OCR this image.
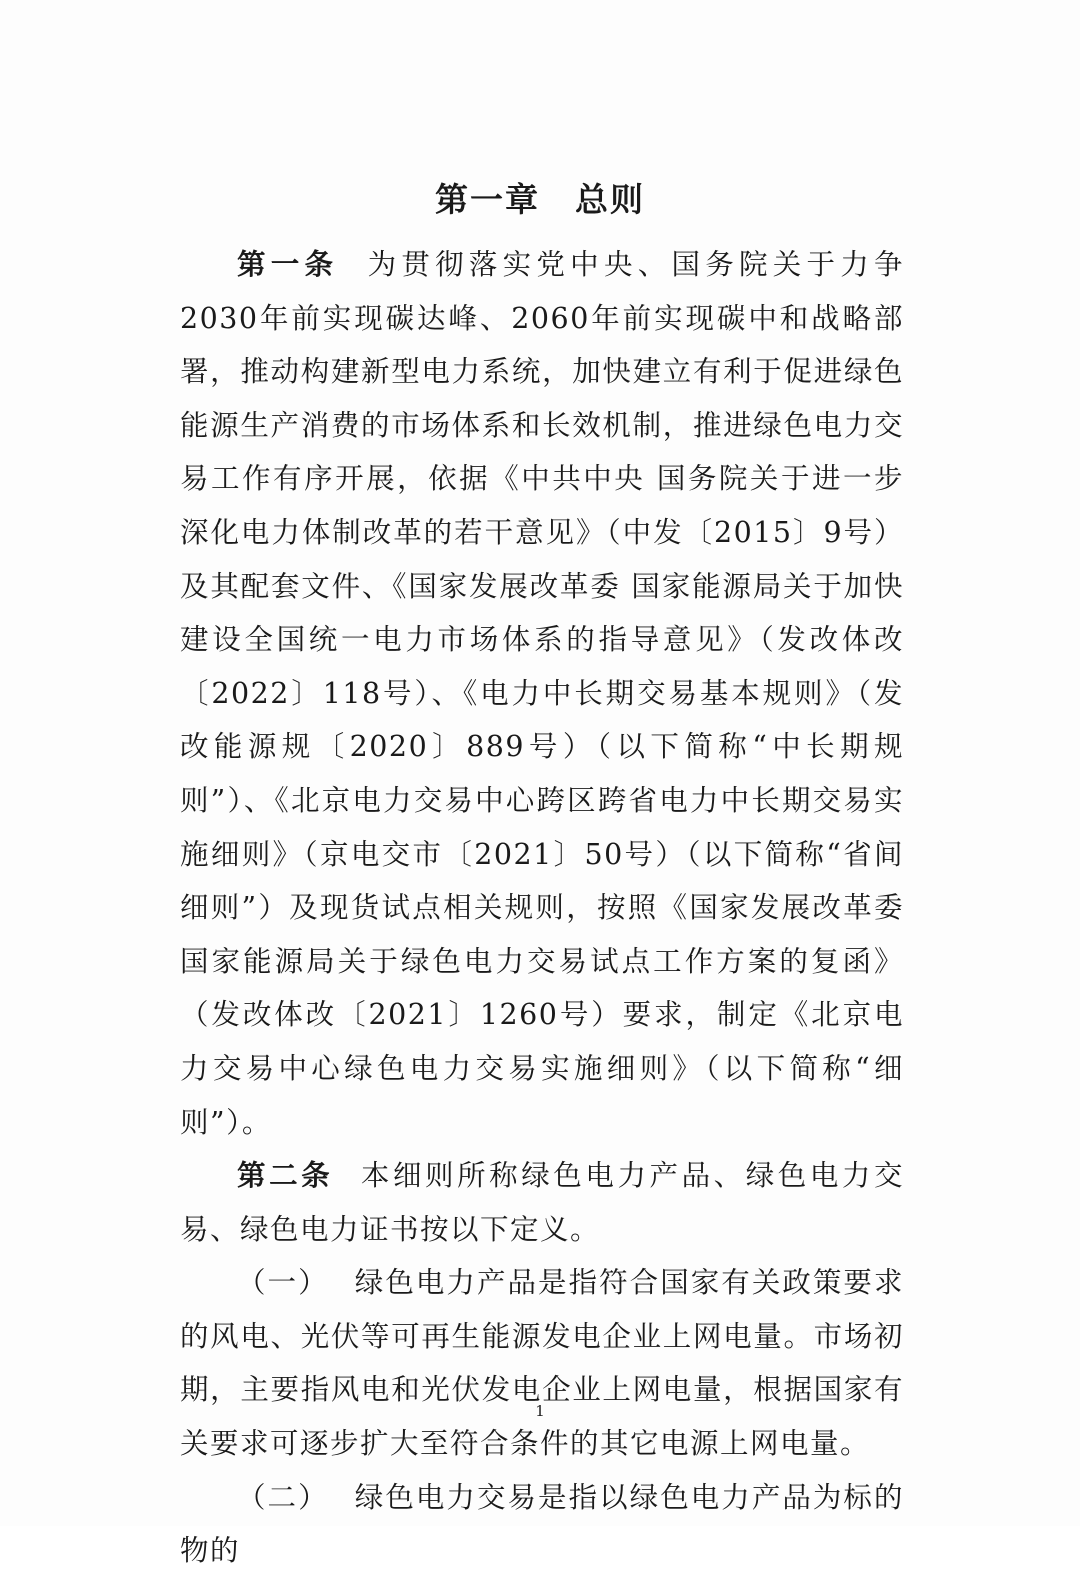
第一章　总则

第一条 为贯彻落实党中央、国务院关于力争2030年前实现碳达峰、2060年前实现碳中和战略部署，推动构建新型电力系统，加快建立有利于促进绿色能源生产消费的市场体系和长效机制，推进绿色电力交易工作有序开展，依据《中共中央 国务院关于进一步深化电力体制改革的若干意见》（中发〔2015〕9号）及其配套文件、《国家发展改革委 国家能源局关于加快建设全国统一电力市场体系的指导意见》（发改体改〔2022〕118号）、《电力中长期交易基本规则》（发改能源规〔2020〕889号）（以下简称“中长期规则”）、《北京电力交易中心跨区跨省电力中长期交易实施细则》（京电交市〔2021〕50号）（以下简称“省间细则”）及现货试点相关规则，按照《国家发展改革委 国家能源局关于绿色电力交易试点工作方案的复函》（发改体改〔2021〕1260号）要求，制定《北京电力交易中心绿色电力交易实施细则》（以下简称“细则”）。

第二条 本细则所称绿色电力产品、绿色电力交易、绿色电力证书按以下定义。

（一） 绿色电力产品是指符合国家有关政策要求的风电、光伏等可再生能源发电企业上网电量。市场初期，主要指风电和光伏发电企业上网电量，根据国家有关要求可逐步扩大至符合条件的其它电源上网电量。

（二） 绿色电力交易是指以绿色电力产品为标的物的

1
